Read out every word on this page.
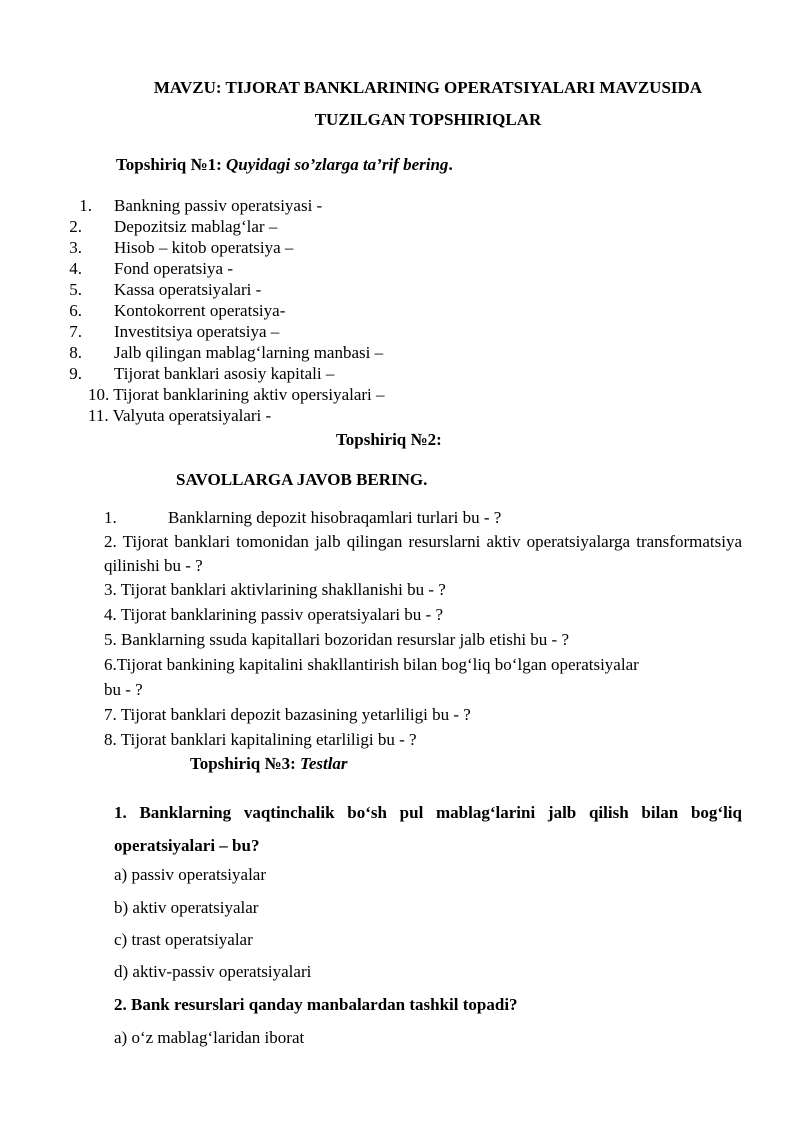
MAVZU: TIJORAT BANKLARINING OPERATSIYALARI MAVZUSIDA
TUZILGAN TOPSHIRIQLAR
Topshiriq №1: Quyidagi so’zlarga ta’rif bering.
1. Bankning passiv operatsiyasi -
2. Depozitsiz mablag‘lar –
3. Hisob – kitob operatsiya –
4. Fond operatsiya -
5. Kassa operatsiyalari -
6. Kontokorrent operatsiya-
7. Investitsiya operatsiya –
8. Jalb qilingan mablag‘larning manbasi –
9. Tijorat banklari asosiy kapitali –
10. Tijorat banklarining aktiv opersiyalari –
11. Valyuta operatsiyalari -
Topshiriq №2:
SAVOLLARGA JAVOB BERING.
1.	Banklarning depozit hisobraqamlari turlari bu - ?
2. Tijorat banklari tomonidan jalb qilingan resurslarni aktiv operatsiyalarga transformatsiya qilinishi bu - ?
3. Tijorat banklari aktivlarining shakllanishi bu - ?
4. Tijorat banklarining passiv operatsiyalari bu - ?
5. Banklarning ssuda kapitallari bozoridan resurslar jalb etishi bu - ?
6.Tijorat bankining kapitalini shakllantirish bilan bog‘liq bo‘lgan operatsiyalar
bu - ?
7. Tijorat banklari depozit bazasining yetarliligi bu - ?
8. Tijorat banklari kapitalining etarliligi bu - ?
Topshiriq №3: Testlar
1. Banklarning vaqtinchalik bo‘sh pul mablag‘larini jalb qilish bilan bog‘liq operatsiyalari – bu?
a) passiv operatsiyalar
b) aktiv operatsiyalar
c) trast operatsiyalar
d) aktiv-passiv operatsiyalari
2. Bank resurslari qanday manbalardan tashkil topadi?
a) o‘z mablag‘laridan iborat
